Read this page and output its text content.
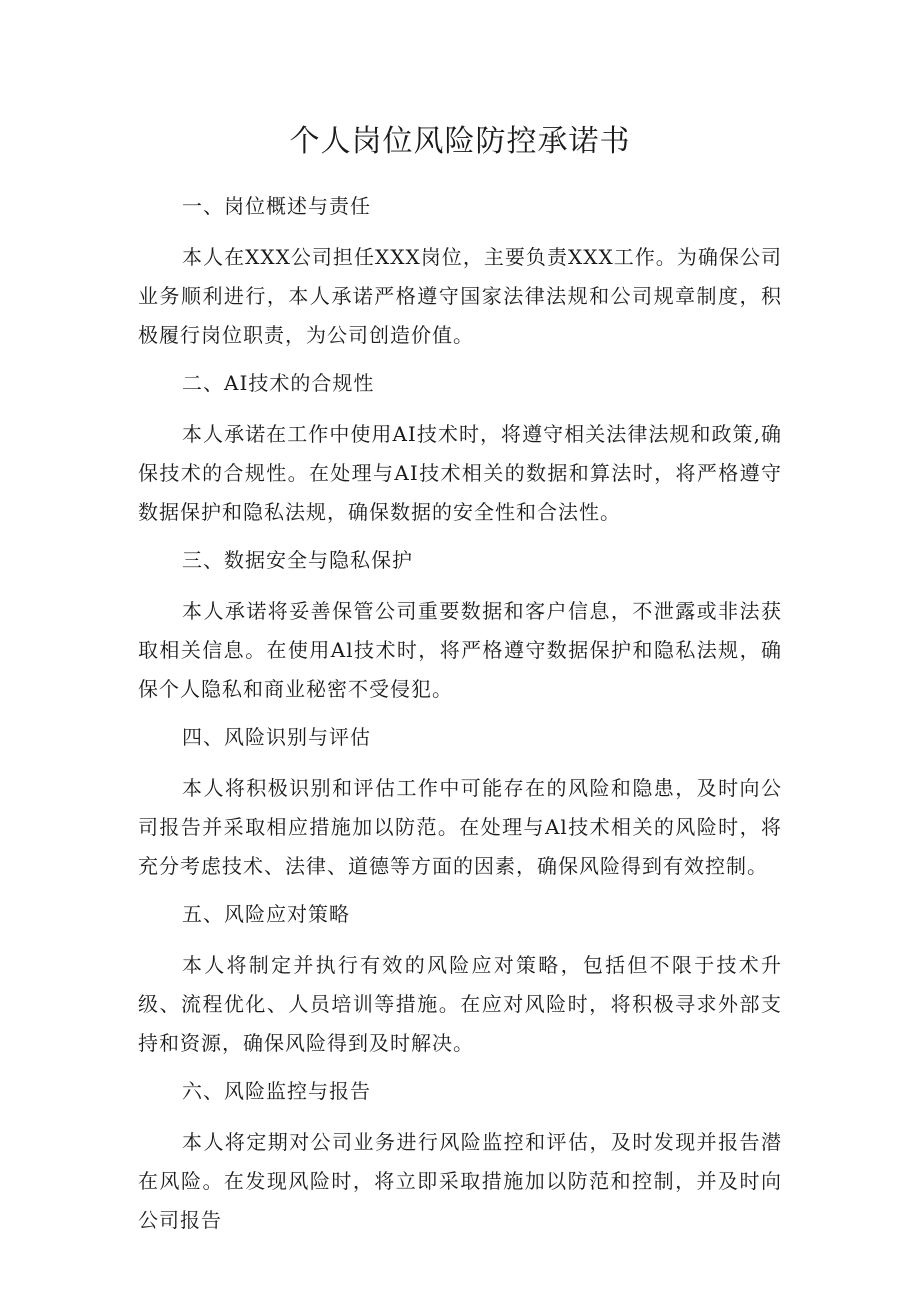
个人岗位风险防控承诺书
一、岗位概述与责任

本人在XXX公司担任XXX岗位，主要负责XXX工作。为确保公司业务顺利进行，本人承诺严格遵守国家法律法规和公司规章制度，积极履行岗位职责，为公司创造价值。

二、AI技术的合规性

本人承诺在工作中使用AI技术时，将遵守相关法律法规和政策,确保技术的合规性。在处理与AI技术相关的数据和算法时，将严格遵守数据保护和隐私法规，确保数据的安全性和合法性。

三、数据安全与隐私保护

本人承诺将妥善保管公司重要数据和客户信息，不泄露或非法获取相关信息。在使用Al技术时，将严格遵守数据保护和隐私法规，确保个人隐私和商业秘密不受侵犯。

四、风险识别与评估

本人将积极识别和评估工作中可能存在的风险和隐患，及时向公司报告并采取相应措施加以防范。在处理与Al技术相关的风险时，将充分考虑技术、法律、道德等方面的因素，确保风险得到有效控制。

五、风险应对策略

本人将制定并执行有效的风险应对策略，包括但不限于技术升级、流程优化、人员培训等措施。在应对风险时，将积极寻求外部支持和资源，确保风险得到及时解决。

六、风险监控与报告

本人将定期对公司业务进行风险监控和评估，及时发现并报告潜在风险。在发现风险时，将立即采取措施加以防范和控制，并及时向公司报告
